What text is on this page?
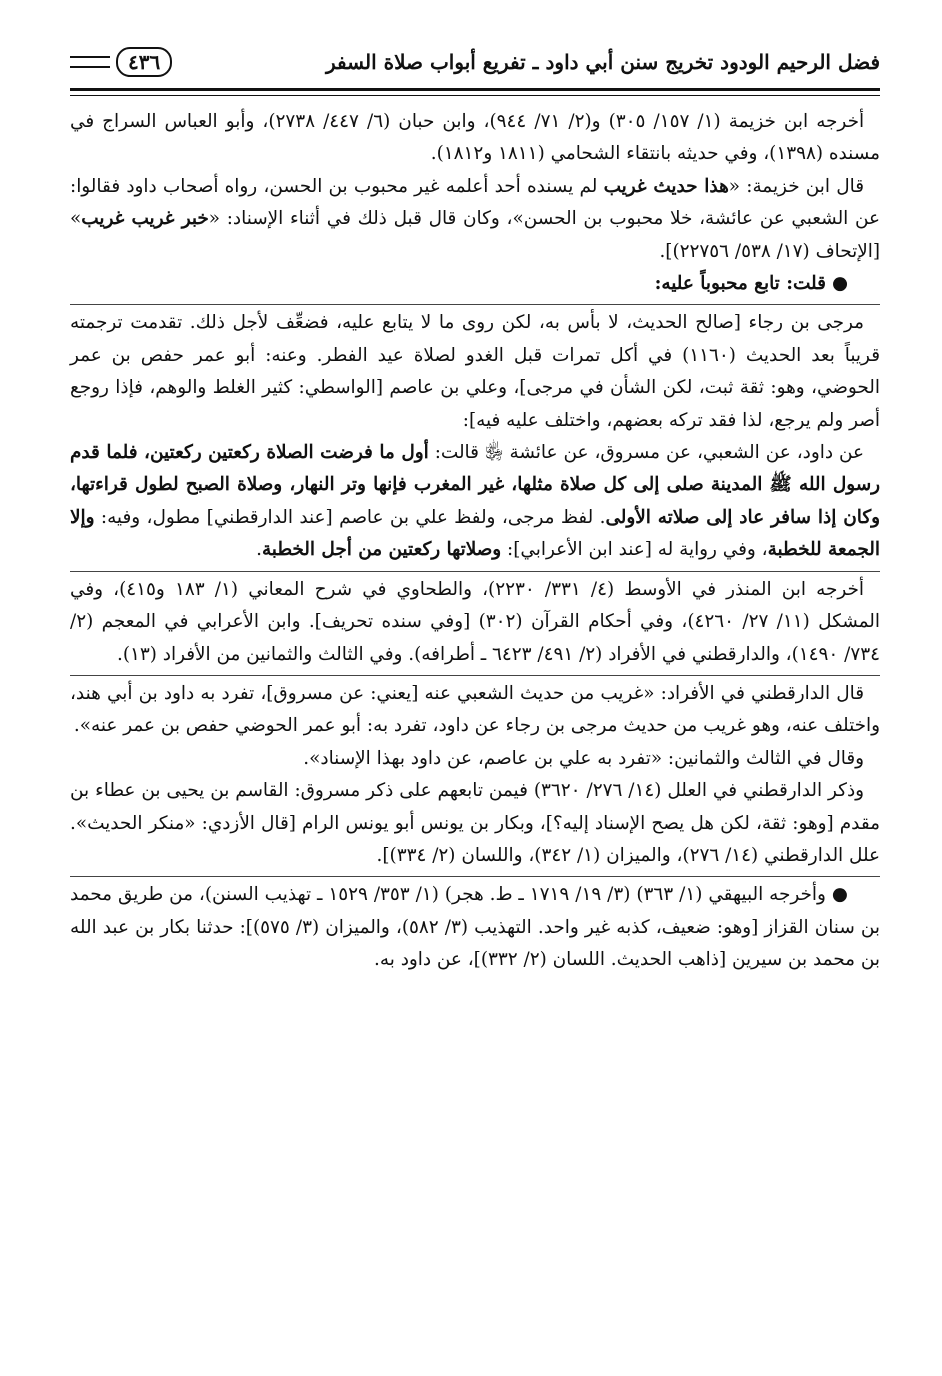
فضل الرحيم الودود تخريج سنن أبي داود ـ تفريع أبواب صلاة السفر
٤٣٦

أخرجه ابن خزيمة (١/ ١٥٧/ ٣٠٥) و(٢/ ٧١/ ٩٤٤)، وابن حبان (٦/ ٤٤٧/ ٢٧٣٨)، وأبو العباس السراج في مسنده (١٣٩٨)، وفي حديثه بانتقاء الشحامي (١٨١١ و١٨١٢).

قال ابن خزيمة: «هذا حديث غريب لم يسنده أحد أعلمه غير محبوب بن الحسن، رواه أصحاب داود فقالوا: عن الشعبي عن عائشة، خلا محبوب بن الحسن»، وكان قال قبل ذلك في أثناء الإسناد: «خبر غريب غريب» [الإتحاف (١٧/ ٥٣٨/ ٢٢٧٥٦)].

●قلت: تابع محبوباً عليه:

مرجى بن رجاء [صالح الحديث، لا بأس به، لكن روى ما لا يتابع عليه، فضعِّف لأجل ذلك. تقدمت ترجمته قريباً بعد الحديث (١١٦٠) في أكل تمرات قبل الغدو لصلاة عيد الفطر. وعنه: أبو عمر حفص بن عمر الحوضي، وهو: ثقة ثبت، لكن الشأن في مرجى]، وعلي بن عاصم [الواسطي: كثير الغلط والوهم، فإذا روجع أصر ولم يرجع، لذا فقد تركه بعضهم، واختلف عليه فيه]:

عن داود، عن الشعبي، عن مسروق، عن عائشة ﵂ قالت: أول ما فرضت الصلاة ركعتين ركعتين، فلما قدم رسول الله ﷺ المدينة صلى إلى كل صلاة مثلها، غير المغرب فإنها وتر النهار، وصلاة الصبح لطول قراءتها، وكان إذا سافر عاد إلى صلاته الأولى. لفظ مرجى، ولفظ علي بن عاصم [عند الدارقطني] مطول، وفيه: وإلا الجمعة للخطبة، وفي رواية له [عند ابن الأعرابي]: وصلاتها ركعتين من أجل الخطبة.

أخرجه ابن المنذر في الأوسط (٤/ ٣٣١/ ٢٢٣٠)، والطحاوي في شرح المعاني (١/ ١٨٣ و٤١٥)، وفي المشكل (١١/ ٢٧/ ٤٢٦٠)، وفي أحكام القرآن (٣٠٢) [وفي سنده تحريف]. وابن الأعرابي في المعجم (٢/ ٧٣٤/ ١٤٩٠)، والدارقطني في الأفراد (٢/ ٤٩١/ ٦٤٢٣ ـ أطرافه). وفي الثالث والثمانين من الأفراد (١٣).

قال الدارقطني في الأفراد: «غريب من حديث الشعبي عنه [يعني: عن مسروق]، تفرد به داود بن أبي هند، واختلف عنه، وهو غريب من حديث مرجى بن رجاء عن داود، تفرد به: أبو عمر الحوضي حفص بن عمر عنه».

وقال في الثالث والثمانين: «تفرد به علي بن عاصم، عن داود بهذا الإسناد».

وذكر الدارقطني في العلل (١٤/ ٢٧٦/ ٣٦٢٠) فيمن تابعهم على ذكر مسروق: القاسم بن يحيى بن عطاء بن مقدم [وهو: ثقة، لكن هل يصح الإسناد إليه؟]، وبكار بن يونس أبو يونس الرام [قال الأزدي: «منكر الحديث». علل الدارقطني (١٤/ ٢٧٦)، والميزان (١/ ٣٤٢)، واللسان (٢/ ٣٣٤)].

●وأخرجه البيهقي (١/ ٣٦٣) (٣/ ١٩/ ١٧١٩ ـ ط. هجر) (١/ ٣٥٣/ ١٥٢٩ ـ تهذيب السنن)، من طريق محمد بن سنان القزاز [وهو: ضعيف، كذبه غير واحد. التهذيب (٣/ ٥٨٢)، والميزان (٣/ ٥٧٥)]: حدثنا بكار بن عبد الله بن محمد بن سيرين [ذاهب الحديث. اللسان (٢/ ٣٣٢)]، عن داود به.
